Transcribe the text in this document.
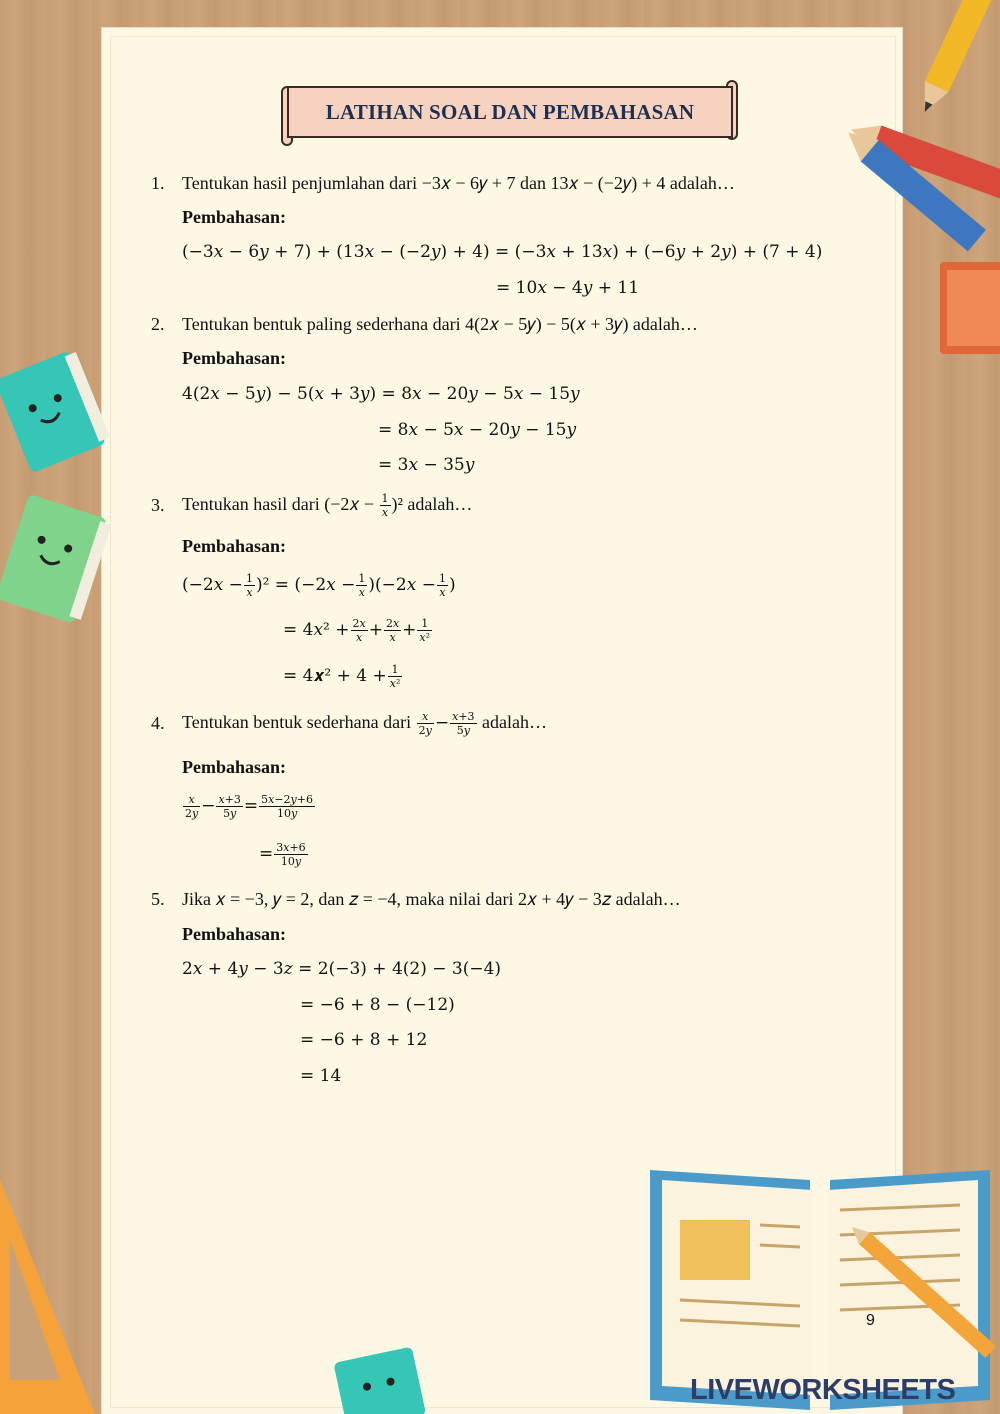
LATIHAN SOAL DAN PEMBAHASAN
1. Tentukan hasil penjumlahan dari −3𝑥 − 6𝑦 + 7 dan 13𝑥 − (−2𝑦) + 4 adalah…
Pembahasan:
(−3𝑥 − 6𝑦 + 7) + (13𝑥 − (−2𝑦) + 4) = (−3𝑥 + 13𝑥) + (−6𝑦 + 2𝑦) + (7 + 4)
= 10𝑥 − 4𝑦 + 11
2. Tentukan bentuk paling sederhana dari 4(2𝑥 − 5𝑦) − 5(𝑥 + 3𝑦) adalah…
Pembahasan:
4(2𝑥 − 5𝑦) − 5(𝑥 + 3𝑦) = 8𝑥 − 20𝑦 − 5𝑥 − 15𝑦
= 8𝑥 − 5𝑥 − 20𝑦 − 15𝑦
= 3𝑥 − 35𝑦
3. Tentukan hasil dari (−2𝑥 − $\frac{1}{\text{𝑥}} )^2$ adalah…
Pembahasan:
(−2𝑥 − $\frac{1}{\text{𝑥}} )^2$ = (−2𝑥 − $\frac{1}{\text{𝑥}}$ )(−2𝑥 − $\frac{1}{\text{𝑥}}$ )
= 4𝑥² + $\frac{\text{2𝑥}}{\text{𝑥}} + \frac{\text{2𝑥}}{\text{𝑥}} + \frac{1}{\text{𝑥²}}$
= 4𝒙² + $4 + \frac{1}{\text{𝑥²}}$
4. Tentukan bentuk sederhana dari $\frac{\text{𝑥}}{\text{2𝑦}} - \frac{\text{𝑥+3}}{\text{5𝑦}}$ adalah…
Pembahasan:
$\frac{\text{𝑥}}{\text{2𝑦}} - \frac{\text{𝑥+3}}{\text{5𝑦}} = \frac{\text{5𝑥−2𝑦+6}}{\text{10𝑦}}$
= $\frac{\text{3𝑥+6}}{\text{10𝑦}}$
5. Jika 𝑥 = −3, 𝑦 = 2, dan 𝑧 = −4, maka nilai dari 2𝑥 + 4𝑦 − 3𝑧 adalah…
Pembahasan:
2𝑥 + 4𝑦 − 3𝑧 = 2(−3) + 4(2) − 3(−4)
= −6 + 8 − (−12)
= −6 + 8 + 12
= 14
9
LIVEWORKSHEETS
